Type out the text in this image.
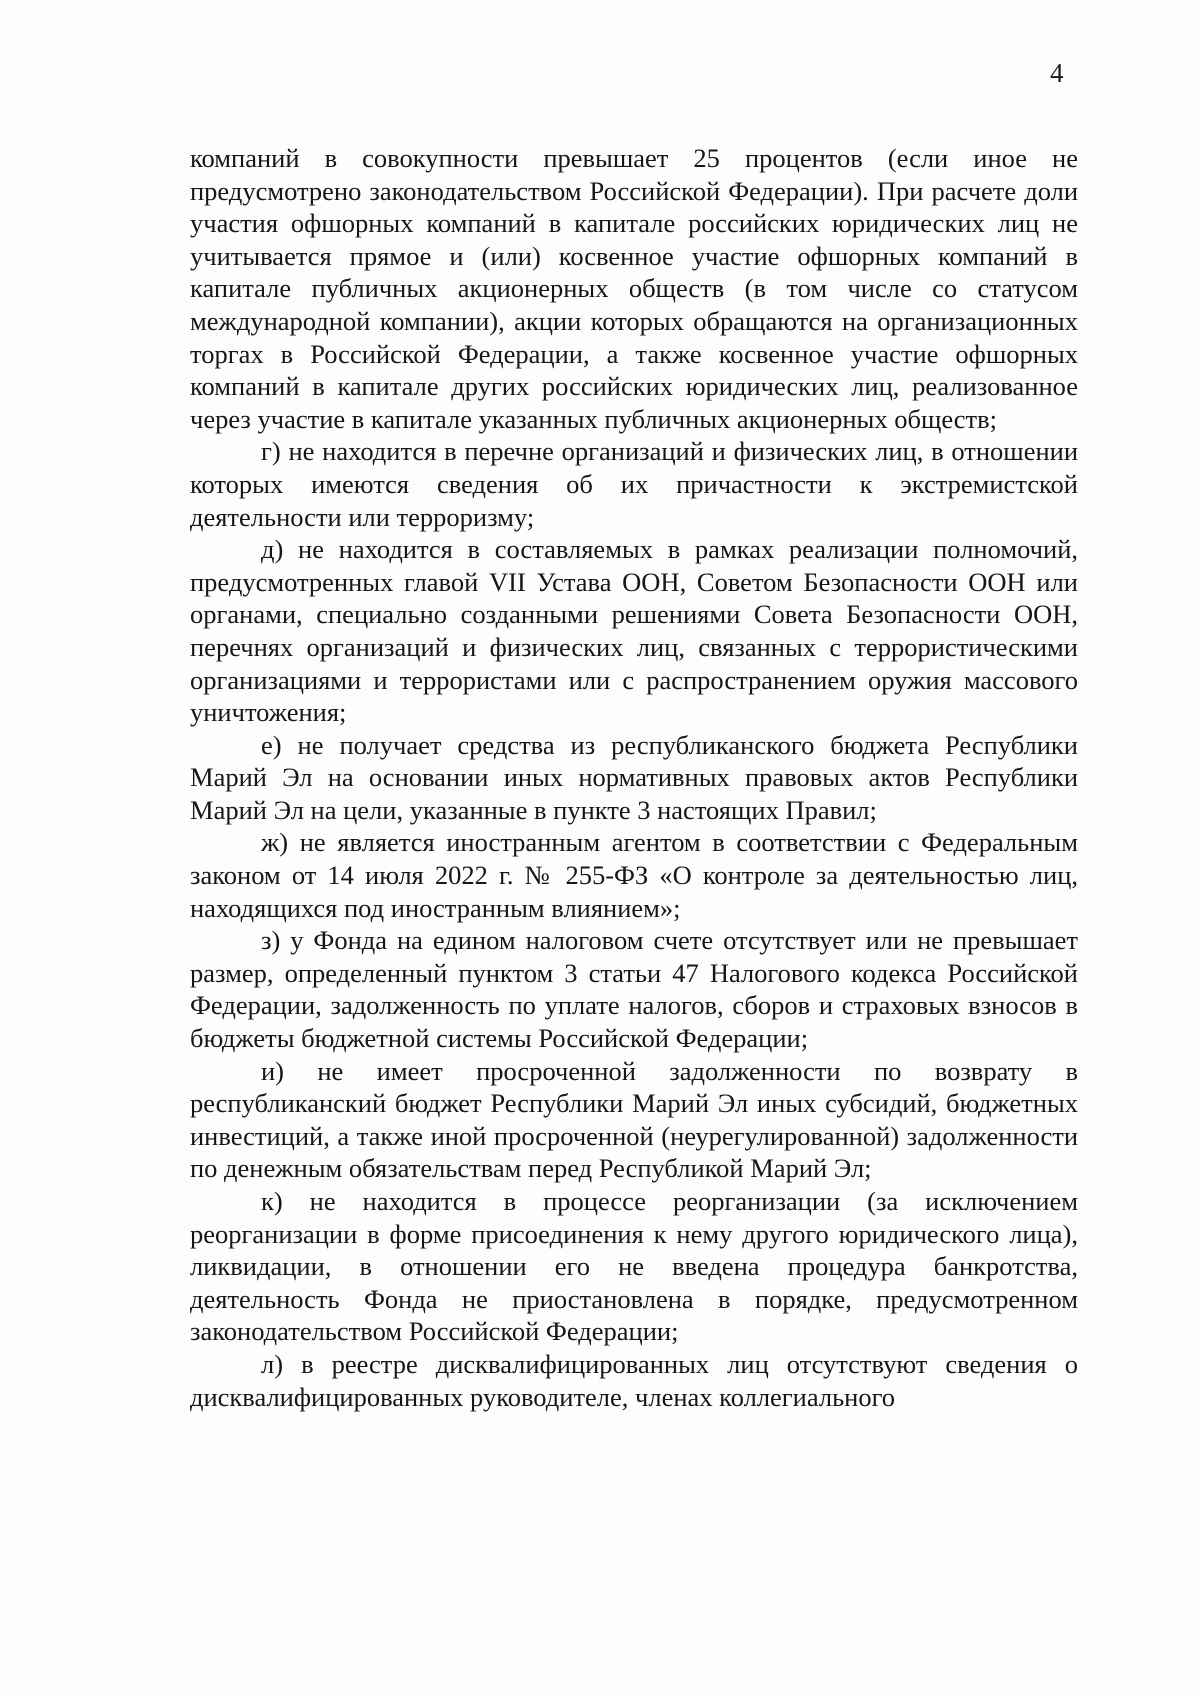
4

компаний в совокупности превышает 25 процентов (если иное не предусмотрено законодательством Российской Федерации). При расчете доли участия офшорных компаний в капитале российских юридических лиц не учитывается прямое и (или) косвенное участие офшорных компаний в капитале публичных акционерных обществ (в том числе со статусом международной компании), акции которых обращаются на организационных торгах в Российской Федерации, а также косвенное участие офшорных компаний в капитале других российских юридических лиц, реализованное через участие в капитале указанных публичных акционерных обществ;

г) не находится в перечне организаций и физических лиц, в отношении которых имеются сведения об их причастности к экстремистской деятельности или терроризму;

д) не находится в составляемых в рамках реализации полномочий, предусмотренных главой VII Устава ООН, Советом Безопасности ООН или органами, специально созданными решениями Совета Безопасности ООН, перечнях организаций и физических лиц, связанных с террористическими организациями и террористами или с распространением оружия массового уничтожения;

е) не получает средства из республиканского бюджета Республики Марий Эл на основании иных нормативных правовых актов Республики Марий Эл на цели, указанные в пункте 3 настоящих Правил;

ж) не является иностранным агентом в соответствии с Федеральным законом от 14 июля 2022 г. № 255-ФЗ «О контроле за деятельностью лиц, находящихся под иностранным влиянием»;

з) у Фонда на едином налоговом счете отсутствует или не превышает размер, определенный пунктом 3 статьи 47 Налогового кодекса Российской Федерации, задолженность по уплате налогов, сборов и страховых взносов в бюджеты бюджетной системы Российской Федерации;

и) не имеет просроченной задолженности по возврату в республиканский бюджет Республики Марий Эл иных субсидий, бюджетных инвестиций, а также иной просроченной (неурегулированной) задолженности по денежным обязательствам перед Республикой Марий Эл;

к) не находится в процессе реорганизации (за исключением реорганизации в форме присоединения к нему другого юридического лица), ликвидации, в отношении его не введена процедура банкротства, деятельность Фонда не приостановлена в порядке, предусмотренном законодательством Российской Федерации;

л) в реестре дисквалифицированных лиц отсутствуют сведения о дисквалифицированных руководителе, членах коллегиального
